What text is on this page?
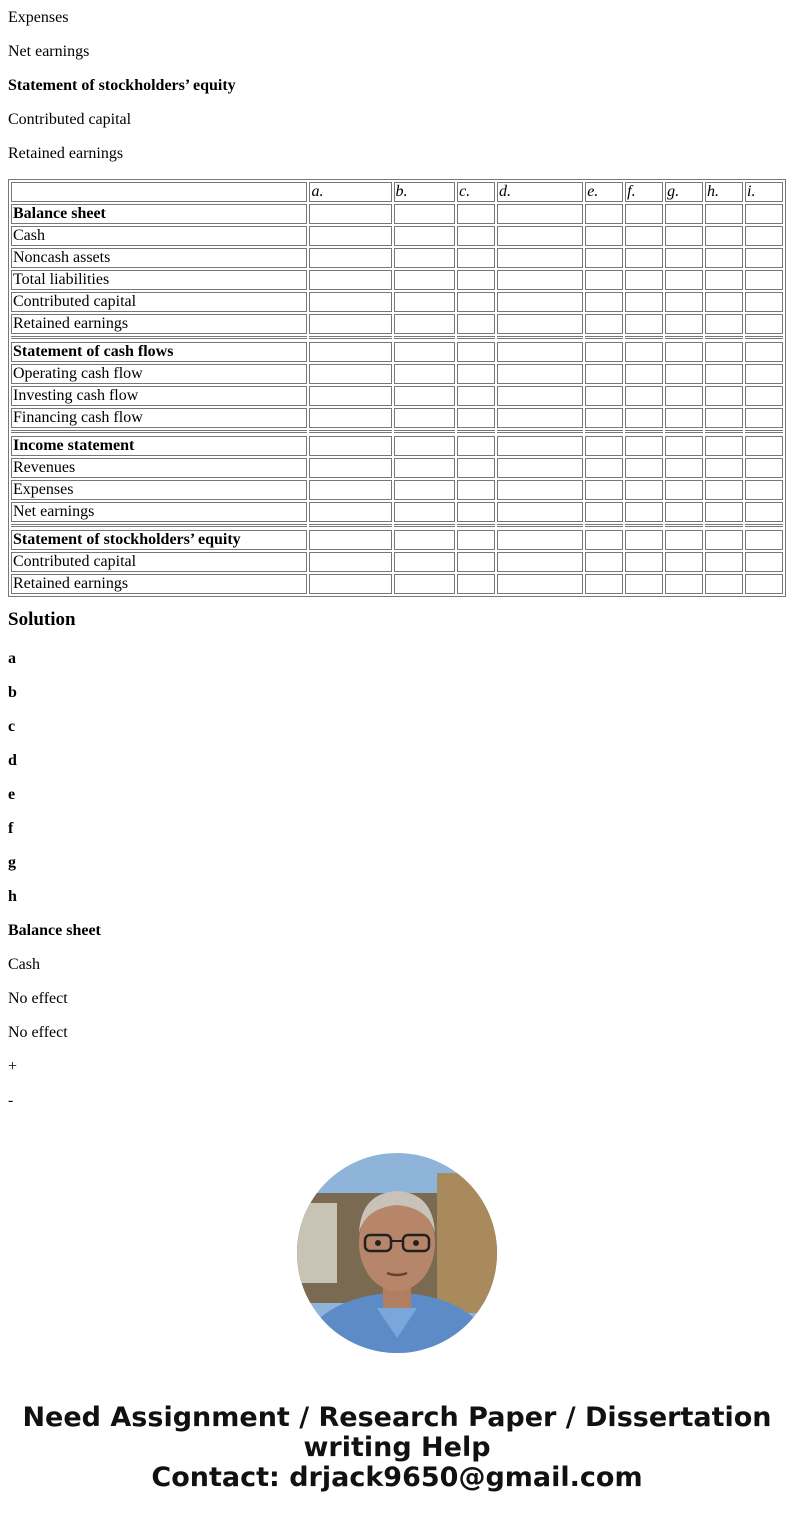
Expenses

Net earnings

Statement of stockholders’ equity

Contributed capital

Retained earnings

	a.	b.	c.	d.	e.	f.	g.	h.	i.
Balance sheet									
Cash									
Noncash assets									
Total liabilities									
Contributed capital									
Retained earnings									

Statement of cash flows									
Operating cash flow									
Investing cash flow									
Financing cash flow									

Income statement									
Revenues									
Expenses									
Net earnings									

Statement of stockholders’ equity									
Contributed capital									
Retained earnings									
Solution

a

b

c

d

e

f

g

h

Balance sheet

Cash

No effect

No effect

+

-

Need Assignment / Research Paper / Dissertation
writing Help
Contact: drjack9650@gmail.com
